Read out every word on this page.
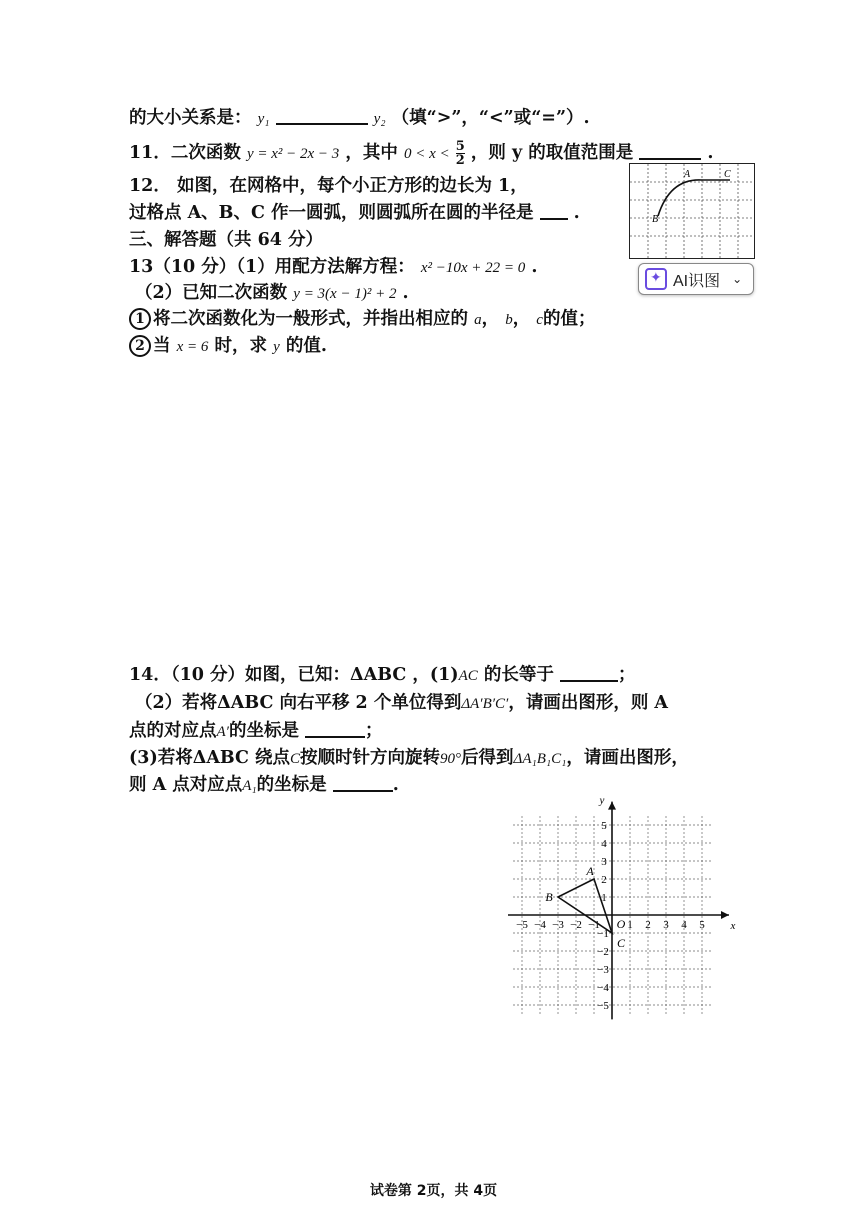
的大小关系是： y₁	y₂ （填“>”，“<”或“=”）.
11．二次函数 y = x² − 2x − 3 ，其中 $0 < x < \frac{5}{2}$ ，则 y 的取值范围是	.
12． 如图，在网格中，每个小正方形的边长为 1，
过格点 A、B、C 作一圆弧，则圆弧所在圆的半径是 .
A	C
B
三、解答题（共 64 分）
13（10 分）（1）用配方法解方程： x² −10x + 22 = 0 .
（2）已知二次函数 y = 3(x − 1)² + 2 .
1 将二次函数化为一般形式，并指出相应的 a， b， c的值；
2 当 x = 6 时，求 y 的值.
✦
AI识图 ⌄
14．（10 分）如图，已知：ΔABC ，(1)AC 的长等于	；
（2）若将ΔABC 向右平移 2 个单位得到ΔA′B′C′，请画出图形，则 A
点的对应点A′的坐标是	；
(3)若将ΔABC 绕点C按顺时针方向旋转90°后得到ΔA₁B₁C₁，请画出图形，
则 A 点对应点A₁的坐标是	.
x
y
O
−5 −4 −3 −2 −1 1 2 3 4 5
5
4
3
2
1
−1
−2
−3
−4
−5
A
B
C
试卷第 2页，共 4页
